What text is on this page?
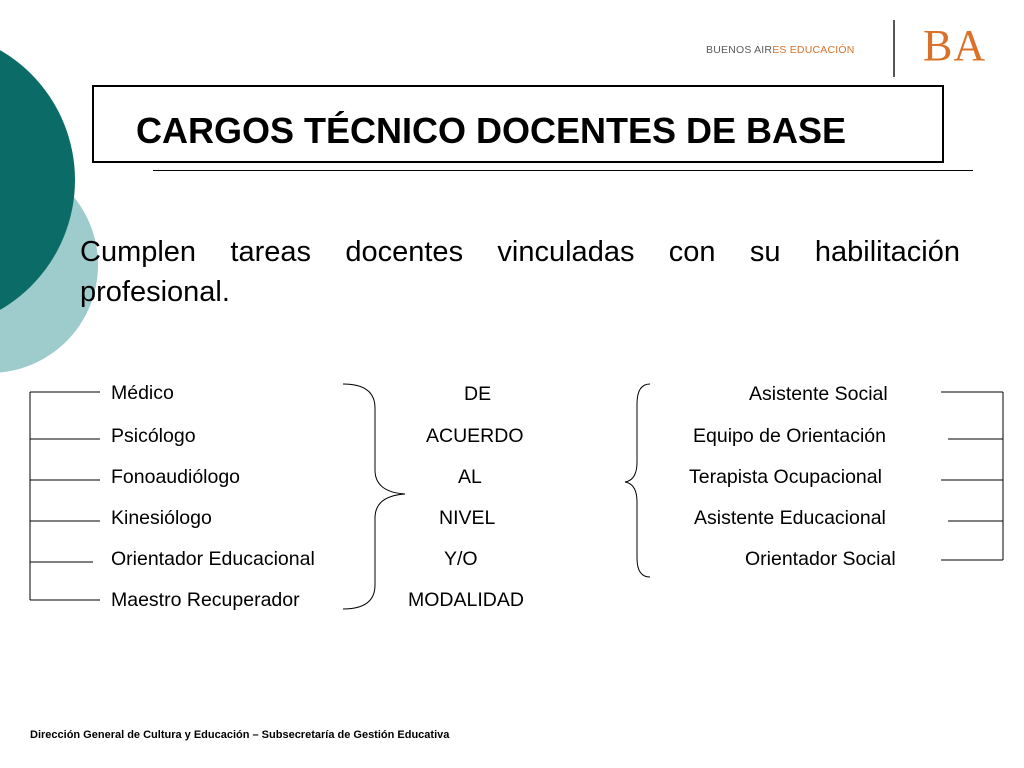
BUENOS AIRES EDUCACIÓN BA
CARGOS TÉCNICO DOCENTES DE BASE
Cumplen tareas docentes vinculadas con su habilitación profesional.
Médico
Psicólogo
Fonoaudiólogo
Kinesiólogo
Orientador Educacional
Maestro Recuperador
DE
ACUERDO
AL
NIVEL
Y/O
MODALIDAD
Asistente Social
Equipo de Orientación
Terapista Ocupacional
Asistente Educacional
Orientador Social
Dirección General de Cultura y Educación – Subsecretaría de Gestión Educativa
